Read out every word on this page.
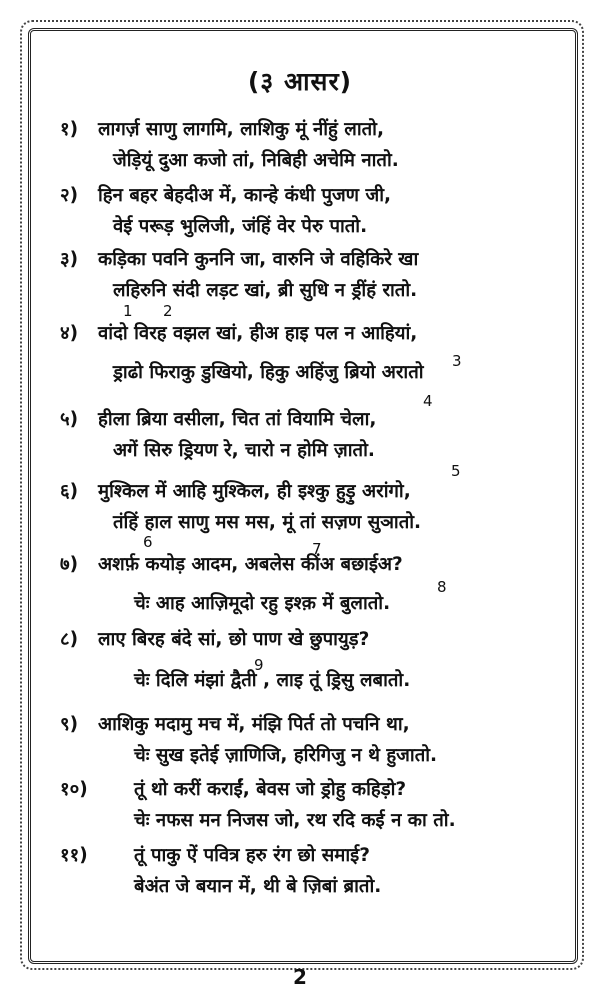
(३ आसर)
१) लागर्ज़ साणु लागमि, लाशिकु मूं नींहुं लातो,
जेड़ियूं दुआ कजो तां, निबिही अचेमि नातो.
२) हिन बहर बेहदीअ में, कान्हे कंधी पुजण जी,
वेई परूड़ भुलिजी, जंहिं वेर पेरु पातो.
३) कड़िका पवनि कुननि जा, वारुनि जे वहिकिरे खा
लहिरुनि संदी लड़ट खां, ब्री सुधि न ड्रींहं रातो.
1 2
४) वांदो विरह वझल खां, हीअ हाइ पल न आहियां,
ड्राढो फिराकु डुखियो, हिकु अहिंजु ब्रियो अरातो
3
4
५) हीला ब्रिया वसीला, चित तां वियामि चेला,
अगें सिरु ड्रियण रे, चारो न होमि ज़ातो.
5
६) मुश्किल में आहि मुश्किल, ही इश्कु हुड़ु अरांगो,
तंहिं हाल साणु मस मस, मूं तां सज़ण सुञातो.
6	7
७) अशर्फ़ कयोड़ आदम, अबलेस कींअ बछाईअ?
चेः आह आज़िमूदो रहु इश्क़ में बुलातो.
8
८) लाए बिरह बंदे सां, छो पाण खे छुपायुड़?
चेः दिलि मंझां द्वैती , लाइ तूं ड्रिसु लबातो.
9
९) आशिकु मदामु मच में, मंझि पिर्त तो पचनि था,
चेः सुख इतेई ज़ाणिजि, हरिगिजु न थे हुजातो.
१०)	तूं थो करीं कराईं, बेवस जो ड्रोहु कहिड़ो?
चेः नफस मन निजस जो, रथ रदि कई न का तो.
११)	तूं पाकु ऐं पवित्र हरु रंग छो समाई?
बेअंत जे बयान में, थी बे ज़िबां ब्रातो.
2
